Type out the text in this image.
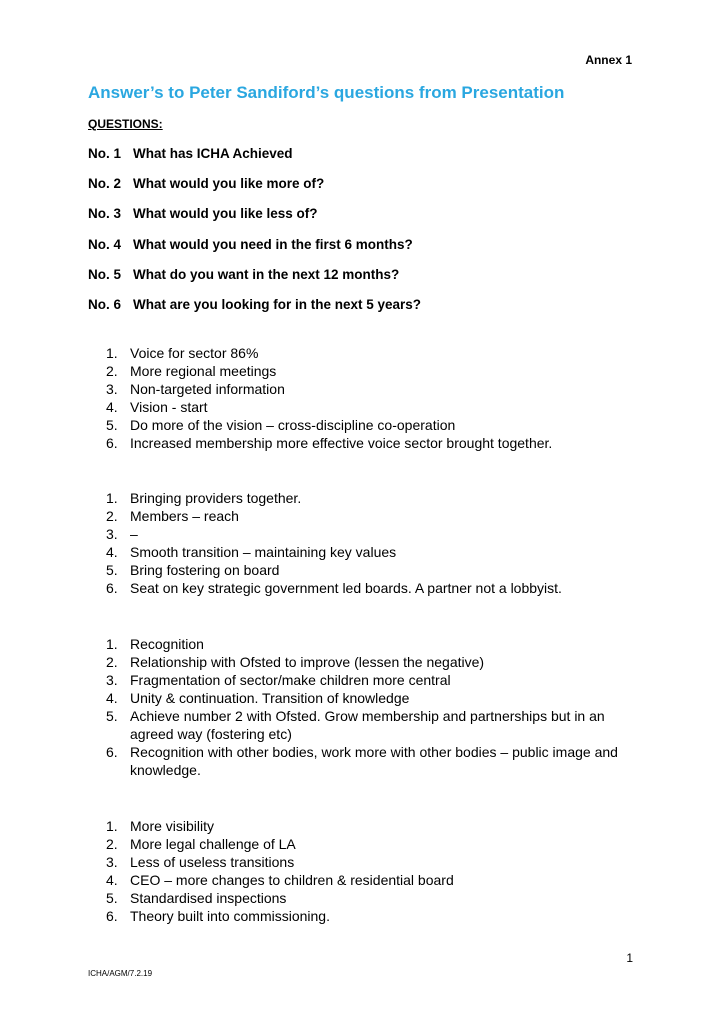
Annex 1
Answer’s to Peter Sandiford’s questions from Presentation
QUESTIONS:
No. 1 What has ICHA Achieved
No. 2 What would you like more of?
No. 3 What would you like less of?
No. 4 What would you need in the first 6 months?
No. 5 What do you want in the next 12 months?
No. 6 What are you looking for in the next 5 years?
1. Voice for sector 86%
2. More regional meetings
3. Non-targeted information
4. Vision - start
5. Do more of the vision – cross-discipline co-operation
6. Increased membership more effective voice sector brought together.
1. Bringing providers together.
2. Members – reach
3. –
4. Smooth transition – maintaining key values
5. Bring fostering on board
6. Seat on key strategic government led boards. A partner not a lobbyist.
1. Recognition
2. Relationship with Ofsted to improve (lessen the negative)
3. Fragmentation of sector/make children more central
4. Unity & continuation. Transition of knowledge
5. Achieve number 2 with Ofsted. Grow membership and partnerships but in an agreed way (fostering etc)
6. Recognition with other bodies, work more with other bodies – public image and knowledge.
1. More visibility
2. More legal challenge of LA
3. Less of useless transitions
4. CEO – more changes to children & residential board
5. Standardised inspections
6. Theory built into commissioning.
1
ICHA/AGM/7.2.19
